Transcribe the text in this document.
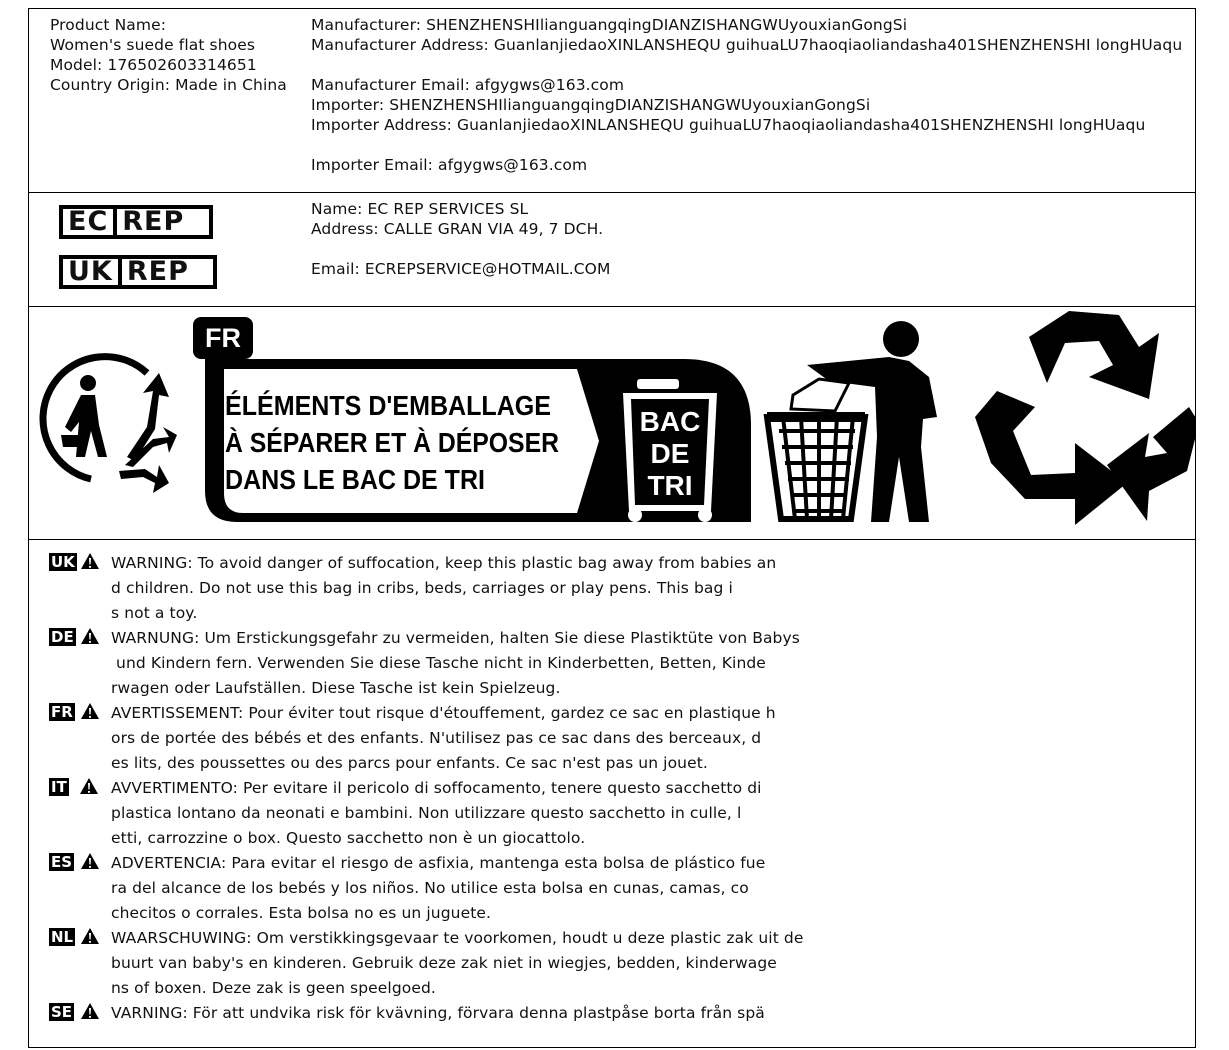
Product Name:
Women's suede flat shoes
Model: 176502603314651
Country Origin: Made in China
Manufacturer: SHENZHENSHIlianguangqingDIANZISHANGWUyouxianGongSi
Manufacturer Address: GuanlanjiedaoXINLANSHEQU guihuaLU7haoqiaoliandasha401SHENZHENSHI longHUaqu
Manufacturer Email: afgygws@163.com
Importer: SHENZHENSHIlianguangqingDIANZISHANGWUyouxianGongSi
Importer Address: GuanlanjiedaoXINLANSHEQU guihuaLU7haoqiaoliandasha401SHENZHENSHI longHUaqu
Importer Email: afgygws@163.com
EC REP
UK REP
Name: EC REP SERVICES SL
Address: CALLE GRAN VIA 49, 7 DCH.
Email: ECREPSERVICE@HOTMAIL.COM
FR
ÉLÉMENTS D'EMBALLAGE
À SÉPARER ET À DÉPOSER
DANS LE BAC DE TRI
BAC
DE
TRI
UK WARNING: To avoid danger of suffocation, keep this plastic bag away from babies an
d children. Do not use this bag in cribs, beds, carriages or play pens. This bag i
s not a toy.
DE WARNUNG: Um Erstickungsgefahr zu vermeiden, halten Sie diese Plastiktüte von Babys
und Kindern fern. Verwenden Sie diese Tasche nicht in Kinderbetten, Betten, Kinde
rwagen oder Laufställen. Diese Tasche ist kein Spielzeug.
FR AVERTISSEMENT: Pour éviter tout risque d'étouffement, gardez ce sac en plastique h
ors de portée des bébés et des enfants. N'utilisez pas ce sac dans des berceaux, d
es lits, des poussettes ou des parcs pour enfants. Ce sac n'est pas un jouet.
IT	AVVERTIMENTO: Per evitare il pericolo di soffocamento, tenere questo sacchetto di
plastica lontano da neonati e bambini. Non utilizzare questo sacchetto in culle, l
etti, carrozzine o box. Questo sacchetto non è un giocattolo.
ES	ADVERTENCIA: Para evitar el riesgo de asfixia, mantenga esta bolsa de plástico fue
ra del alcance de los bebés y los niños. No utilice esta bolsa en cunas, camas, co
checitos o corrales. Esta bolsa no es un juguete.
NL WAARSCHUWING: Om verstikkingsgevaar te voorkomen, houdt u deze plastic zak uit de
buurt van baby's en kinderen. Gebruik deze zak niet in wiegjes, bedden, kinderwage
ns of boxen. Deze zak is geen speelgoed.
SE	VARNING: För att undvika risk för kvävning, förvara denna plastpåse borta från spä
